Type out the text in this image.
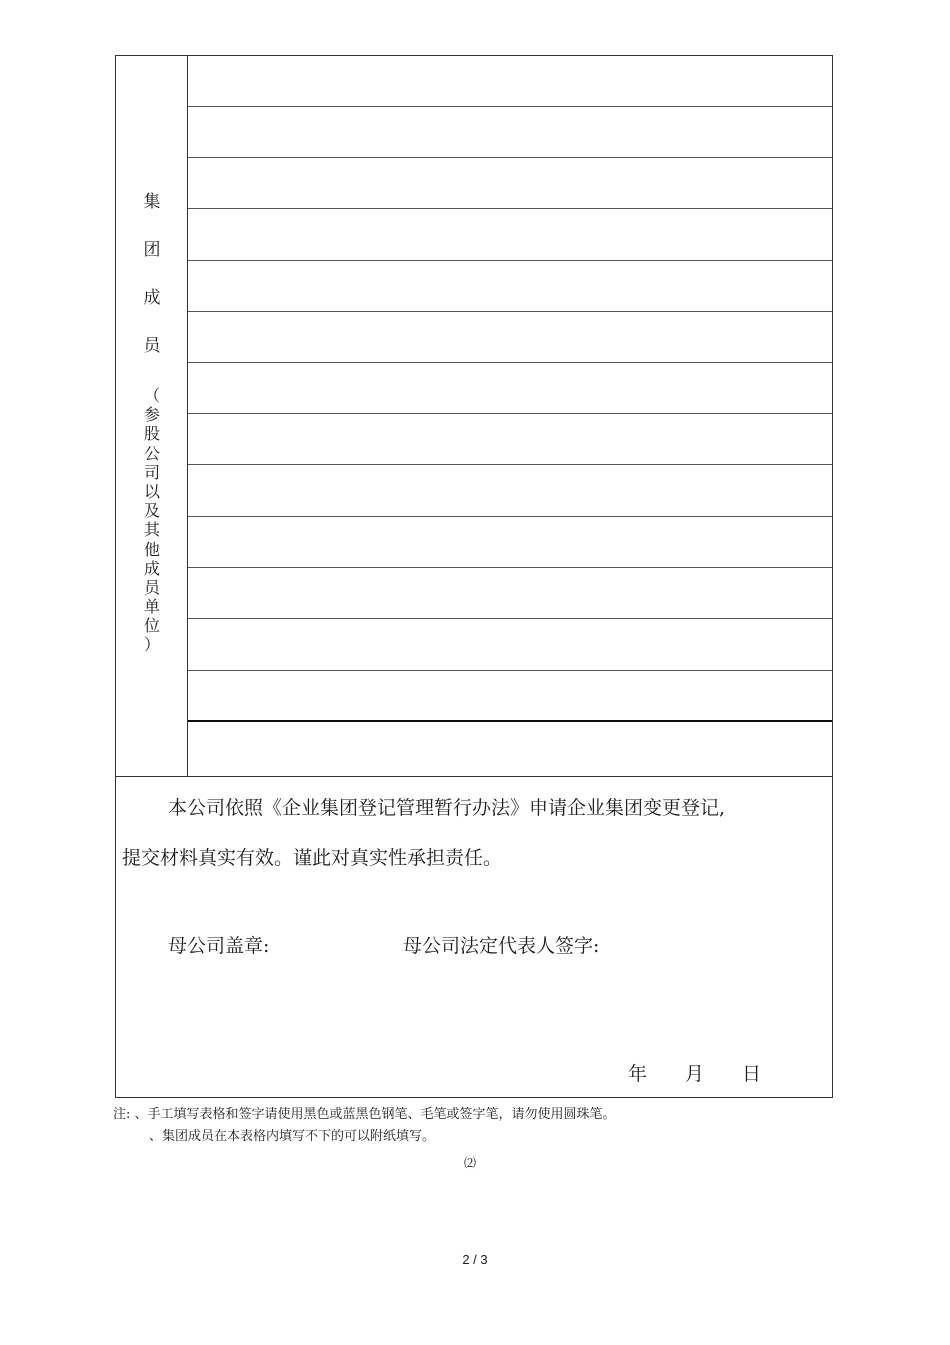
集
团
成
员
（
参
股
公
司
以
及
其
他
成
员
单
位
）
本公司依照《企业集团登记管理暂行办法》申请企业集团变更登记,
提交材料真实有效。谨此对真实性承担责任。
母公司盖章:	母公司法定代表人签字:
年 月 日
注: 、手工填写表格和签字请使用黑色或蓝黑色钢笔、毛笔或签字笔，请勿使用圆珠笔。
、集团成员在本表格内填写不下的可以附纸填写。
⑵
2 / 3
